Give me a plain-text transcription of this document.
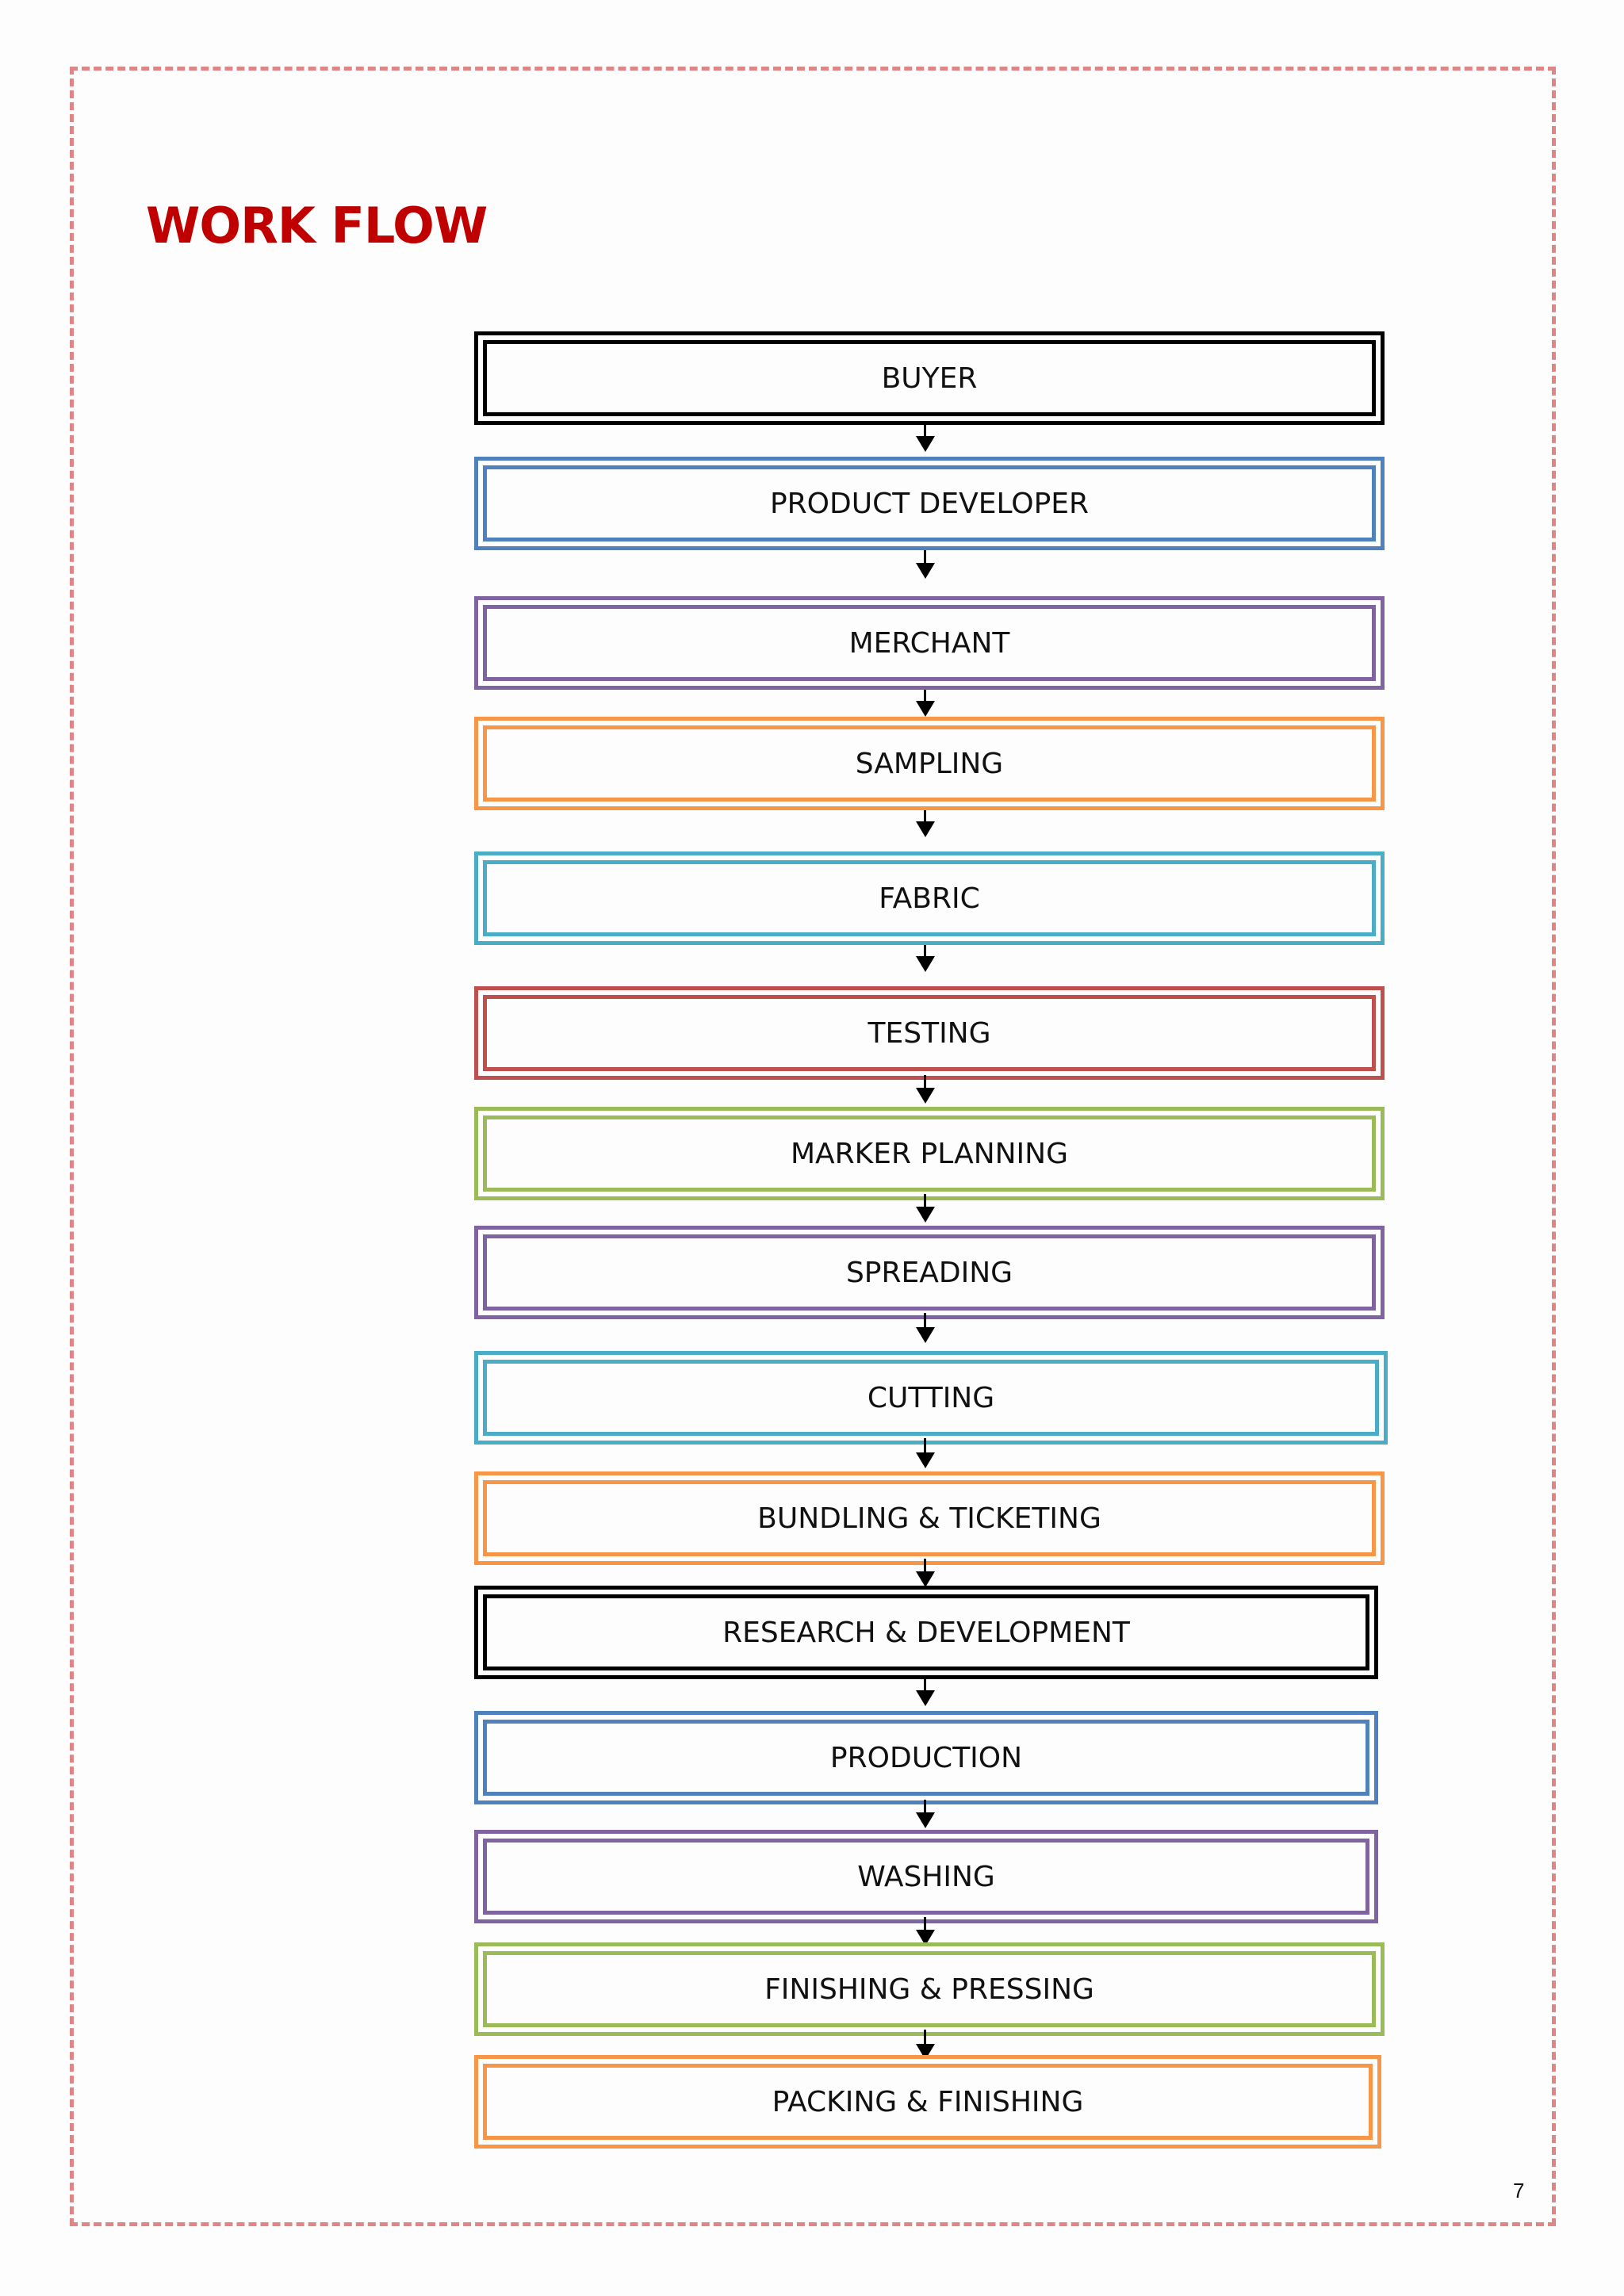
WORK FLOW
BUYER
PRODUCT DEVELOPER
MERCHANT
SAMPLING
FABRIC
TESTING
MARKER PLANNING
SPREADING
CUTTING
BUNDLING & TICKETING
RESEARCH & DEVELOPMENT
PRODUCTION
WASHING
FINISHING & PRESSING
PACKING & FINISHING
7
